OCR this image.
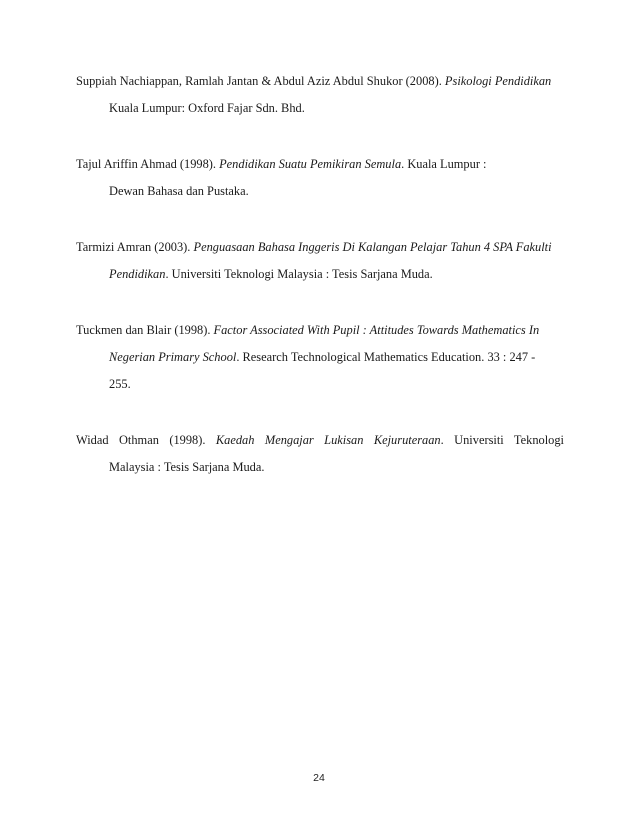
Suppiah Nachiappan, Ramlah Jantan & Abdul Aziz Abdul Shukor (2008). Psikologi Pendidikan
Kuala Lumpur: Oxford Fajar Sdn. Bhd.
Tajul Ariffin Ahmad (1998). Pendidikan Suatu Pemikiran Semula. Kuala Lumpur :
Dewan Bahasa dan Pustaka.
Tarmizi Amran (2003). Penguasaan Bahasa Inggeris Di Kalangan Pelajar Tahun 4 SPA Fakulti
Pendidikan. Universiti Teknologi Malaysia : Tesis Sarjana Muda.
Tuckmen dan Blair (1998). Factor Associated With Pupil : Attitudes Towards Mathematics In
Negerian Primary School. Research Technological Mathematics Education. 33 : 247 -
255.
Widad Othman (1998). Kaedah Mengajar Lukisan Kejuruteraan. Universiti Teknologi
Malaysia : Tesis Sarjana Muda.
24
